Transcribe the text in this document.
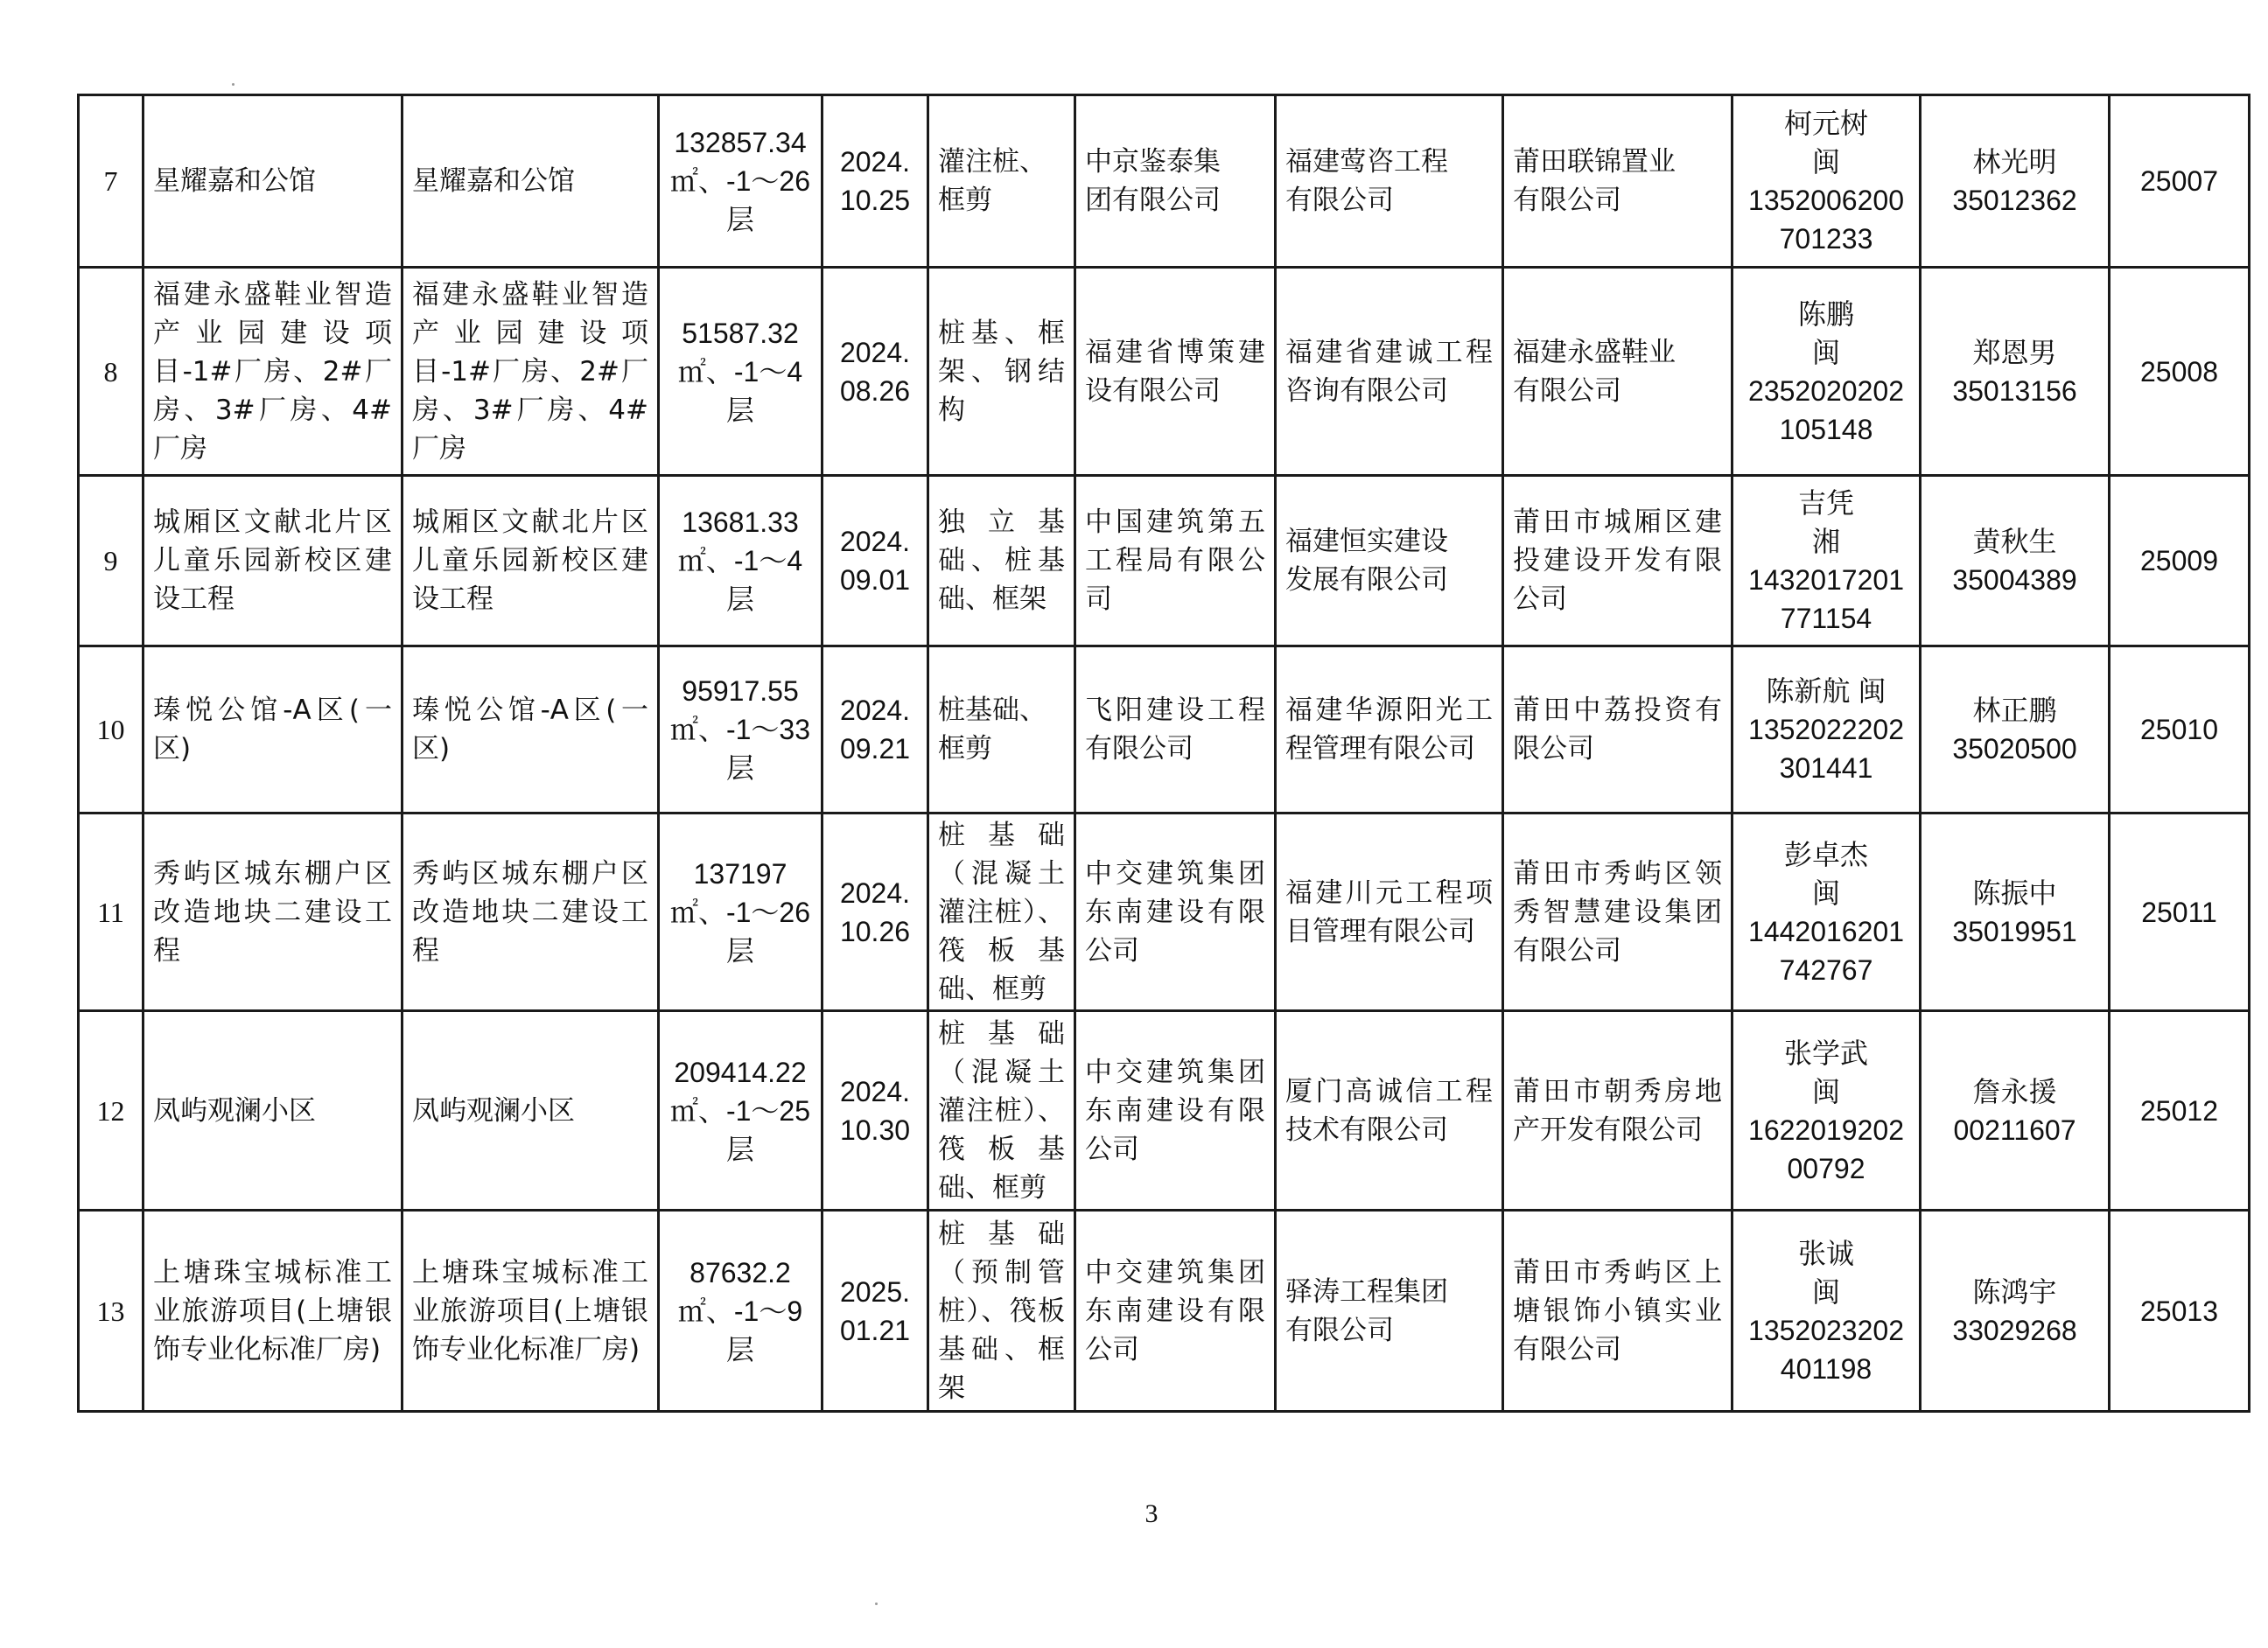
7	星耀嘉和公馆	星耀嘉和公馆	132857.34
㎡、-1～26
层	2024.
10.25	灌注桩、
框剪	中京鉴泰集
团有限公司	福建莺咨工程
有限公司	莆田联锦置业
有限公司	柯元树
闽
1352006200
701233	林光明
35012362	25007
8	福建永盛鞋业智造产业园建设项目-1#厂房、2#厂房、3#厂房、4#厂房	福建永盛鞋业智造产业园建设项目-1#厂房、2#厂房、3#厂房、4#厂房	51587.32
㎡、-1～4
层	2024.
08.26	桩基、框架、钢结构	福建省博策建设有限公司	福建省建诚工程咨询有限公司	福建永盛鞋业
有限公司	陈鹏
闽
2352020202
105148	郑恩男
35013156	25008
9	城厢区文献北片区儿童乐园新校区建设工程	城厢区文献北片区儿童乐园新校区建设工程	13681.33
㎡、-1～4
层	2024.
09.01	独立基础、桩基础、框架	中国建筑第五工程局有限公司	福建恒实建设
发展有限公司	莆田市城厢区建投建设开发有限公司	吉凭
湘
1432017201
771154	黄秋生
35004389	25009
10	瑧悦公馆-A区(一区)	瑧悦公馆-A区(一区)	95917.55
㎡、-1～33
层	2024.
09.21	桩基础、
框剪	飞阳建设工程有限公司	福建华源阳光工程管理有限公司	莆田中荔投资有限公司	陈新航 闽
1352022202
301441	林正鹏
35020500	25010
11	秀屿区城东棚户区改造地块二建设工程	秀屿区城东棚户区改造地块二建设工程	137197
㎡、-1～26
层	2024.
10.26	桩基础（混凝土灌注桩）、筏板基础、框剪	中交建筑集团东南建设有限公司	福建川元工程项目管理有限公司	莆田市秀屿区领秀智慧建设集团有限公司	彭卓杰
闽
1442016201
742767	陈振中
35019951	25011
12	凤屿观澜小区	凤屿观澜小区	209414.22
㎡、-1～25
层	2024.
10.30	桩基础（混凝土灌注桩）、筏板基础、框剪	中交建筑集团东南建设有限公司	厦门高诚信工程技术有限公司	莆田市朝秀房地产开发有限公司	张学武
闽
1622019202
00792	詹永援
00211607	25012
13	上塘珠宝城标准工业旅游项目(上塘银饰专业化标准厂房)	上塘珠宝城标准工业旅游项目(上塘银饰专业化标准厂房)	87632.2
㎡、-1～9
层	2025.
01.21	桩基础（预制管桩）、筏板基础、框架	中交建筑集团东南建设有限公司	驿涛工程集团
有限公司	莆田市秀屿区上塘银饰小镇实业有限公司	张诚
闽
1352023202
401198	陈鸿宇
33029268	25013
3
